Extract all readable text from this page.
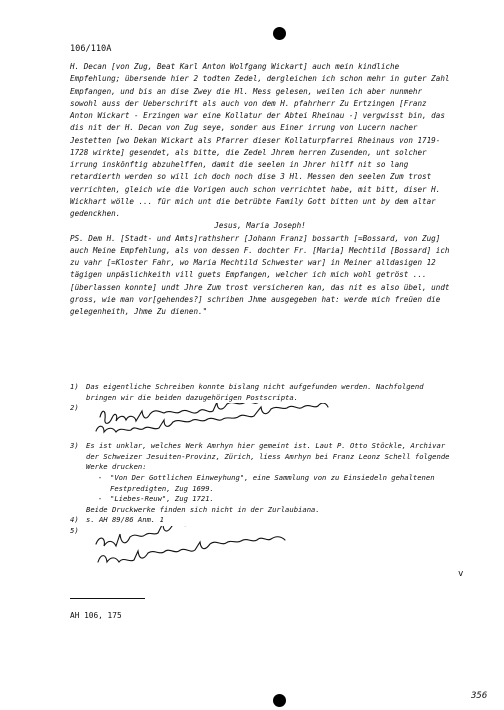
106/110A

H. Decan [von Zug, Beat Karl Anton Wolfgang Wickart] auch mein kindliche Empfehlung; übersende hier 2 todten Zedel, dergleichen ich schon mehr in guter Zahl Empfangen, und bis an dise Zwey die Hl. Mess gelesen, weilen ich aber nunmehr sowohl auss der Ueberschrift als auch von dem H. pfahrherr Zu Ertzingen [Franz Anton Wickart - Erzingen war eine Kollatur der Abtei Rheinau -] vergwisst bin, das dis nit der H. Decan von Zug seye, sonder aus Einer irrung von Lucern nacher Jestetten [wo Dekan Wickart als Pfarrer dieser Kollaturpfarrei Rheinaus von 1719-1728 wirkte] gesendet, als bitte, die Zedel Jhrem herren Zusenden, unt solcher irrung inskönftig abzuhelffen, damit die seelen in Jhrer hilff nit so lang retardierth werden so will ich doch noch dise 3 Hl. Messen den seelen Zum trost verrichten, gleich wie die Vorigen auch schon verrichtet habe, mit bitt, diser H. Wickhart wölle ... für mich unt die betrübte Family Gott bitten unt by dem altar gedenckhen.

Jesus, Maria Joseph!

PS. Dem H. [Stadt- und Amts]rathsherr [Johann Franz] bossarth [=Bossard, von Zug] auch Meine Empfehlung, als von dessen F. dochter Fr. [Maria] Mechtild [Bossard] ich zu vahr [=Kloster Fahr, wo Maria Mechtild Schwester war] in Meiner alldasigen 12 tägigen unpäslichkeith vill guets Empfangen, welcher ich mich wohl getröst ... [überlassen konnte] undt Jhre Zum trost versicheren kan, das nit es also übel, undt gross, wie man vor[gehendes?] schriben Jhme ausgegeben hat: werde mich freüen die gelegenheith, Jhme Zu dienen."

1) Das eigentliche Schreiben konnte bislang nicht aufgefunden werden. Nachfolgend bringen wir die beiden dazugehörigen Postscripta.
2)
3) Es ist unklar, welches Werk Amrhyn hier gemeint ist. Laut P. Otto Stöckle, Archivar der Schweizer Jesuiten-Provinz, Zürich, liess Amrhyn bei Franz Leonz Schell folgende Werke drucken:
- "Von Der Gottlichen Einweyhung", eine Sammlung von zu Einsiedeln gehaltenen Festpredigten, Zug 1699.
- "Liebes-Reuw", Zug 1721.
Beide Druckwerke finden sich nicht in der Zurlaubiana.
4) s. AH 89/86 Anm. 1
5)
AH 106, 175
v
356
